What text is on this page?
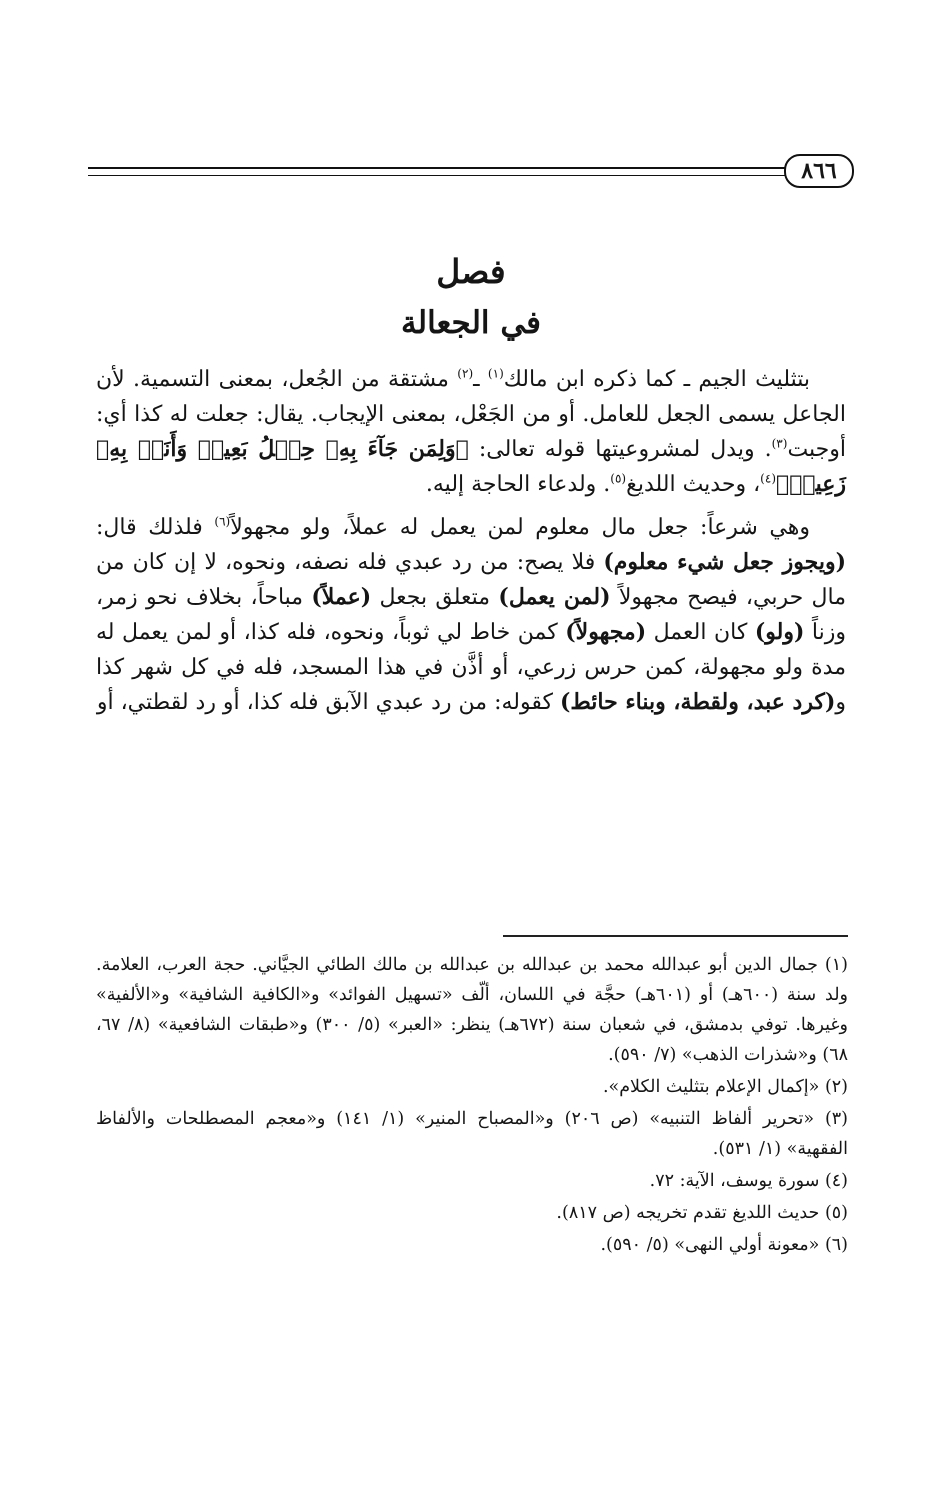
٨٦٦
فصل
في الجعالة

بتثليث الجيم ـ كما ذكره ابن مالك$^{(١)}$ ـ$^{(٢)}$ مشتقة من الجُعل، بمعنى التسمية. لأن الجاعل يسمى الجعل للعامل. أو من الجَعْل، بمعنى الإيجاب. يقال: جعلت له كذا أي: أوجبت$^{(٣)}$. ويدل لمشروعيتها قوله تعالى: ﴿وَلِمَن جَآءَ بِهِۦ حِمۡلُ بَعِيرٖ وَأَنَا۠ بِهِۦ زَعِيمٞ﴾$^{(٤)}$، وحديث اللديغ$^{(٥)}$. ولدعاء الحاجة إليه.

وهي شرعاً: جعل مال معلوم لمن يعمل له عملاً، ولو مجهولاً$^{(٦)}$ فلذلك قال: (ويجوز جعل شيء معلوم) فلا يصح: من رد عبدي فله نصفه، ونحوه، لا إن كان من مال حربي، فيصح مجهولاً (لمن يعمل) متعلق بجعل (عملاً) مباحاً، بخلاف نحو زمر، وزناً (ولو) كان العمل (مجهولاً) كمن خاط لي ثوباً، ونحوه، فله كذا، أو لمن يعمل له مدة ولو مجهولة، كمن حرس زرعي، أو أذَّن في هذا المسجد، فله في كل شهر كذا و(كرد عبد، ولقطة، وبناء حائط) كقوله: من رد عبدي الآبق فله كذا، أو رد لقطتي، أو

(١) جمال الدين أبو عبدالله محمد بن عبدالله بن عبدالله بن مالك الطائي الجيَّاني. حجة العرب، العلامة. ولد سنة (٦٠٠هـ) أو (٦٠١هـ) حجَّة في اللسان، ألّف «تسهيل الفوائد» و«الكافية الشافية» و«الألفية» وغيرها. توفي بدمشق، في شعبان سنة (٦٧٢هـ) ينظر: «العبر» (٥/ ٣٠٠) و«طبقات الشافعية» (٨/ ٦٧، ٦٨) و«شذرات الذهب» (٧/ ٥٩٠).

(٢) «إكمال الإعلام بتثليث الكلام».

(٣) «تحرير ألفاظ التنبيه» (ص ٢٠٦) و«المصباح المنير» (١/ ١٤١) و«معجم المصطلحات والألفاظ الفقهية» (١/ ٥٣١).

(٤) سورة يوسف، الآية: ٧٢.

(٥) حديث اللديغ تقدم تخريجه (ص ٨١٧).

(٦) «معونة أولي النهى» (٥/ ٥٩٠).
